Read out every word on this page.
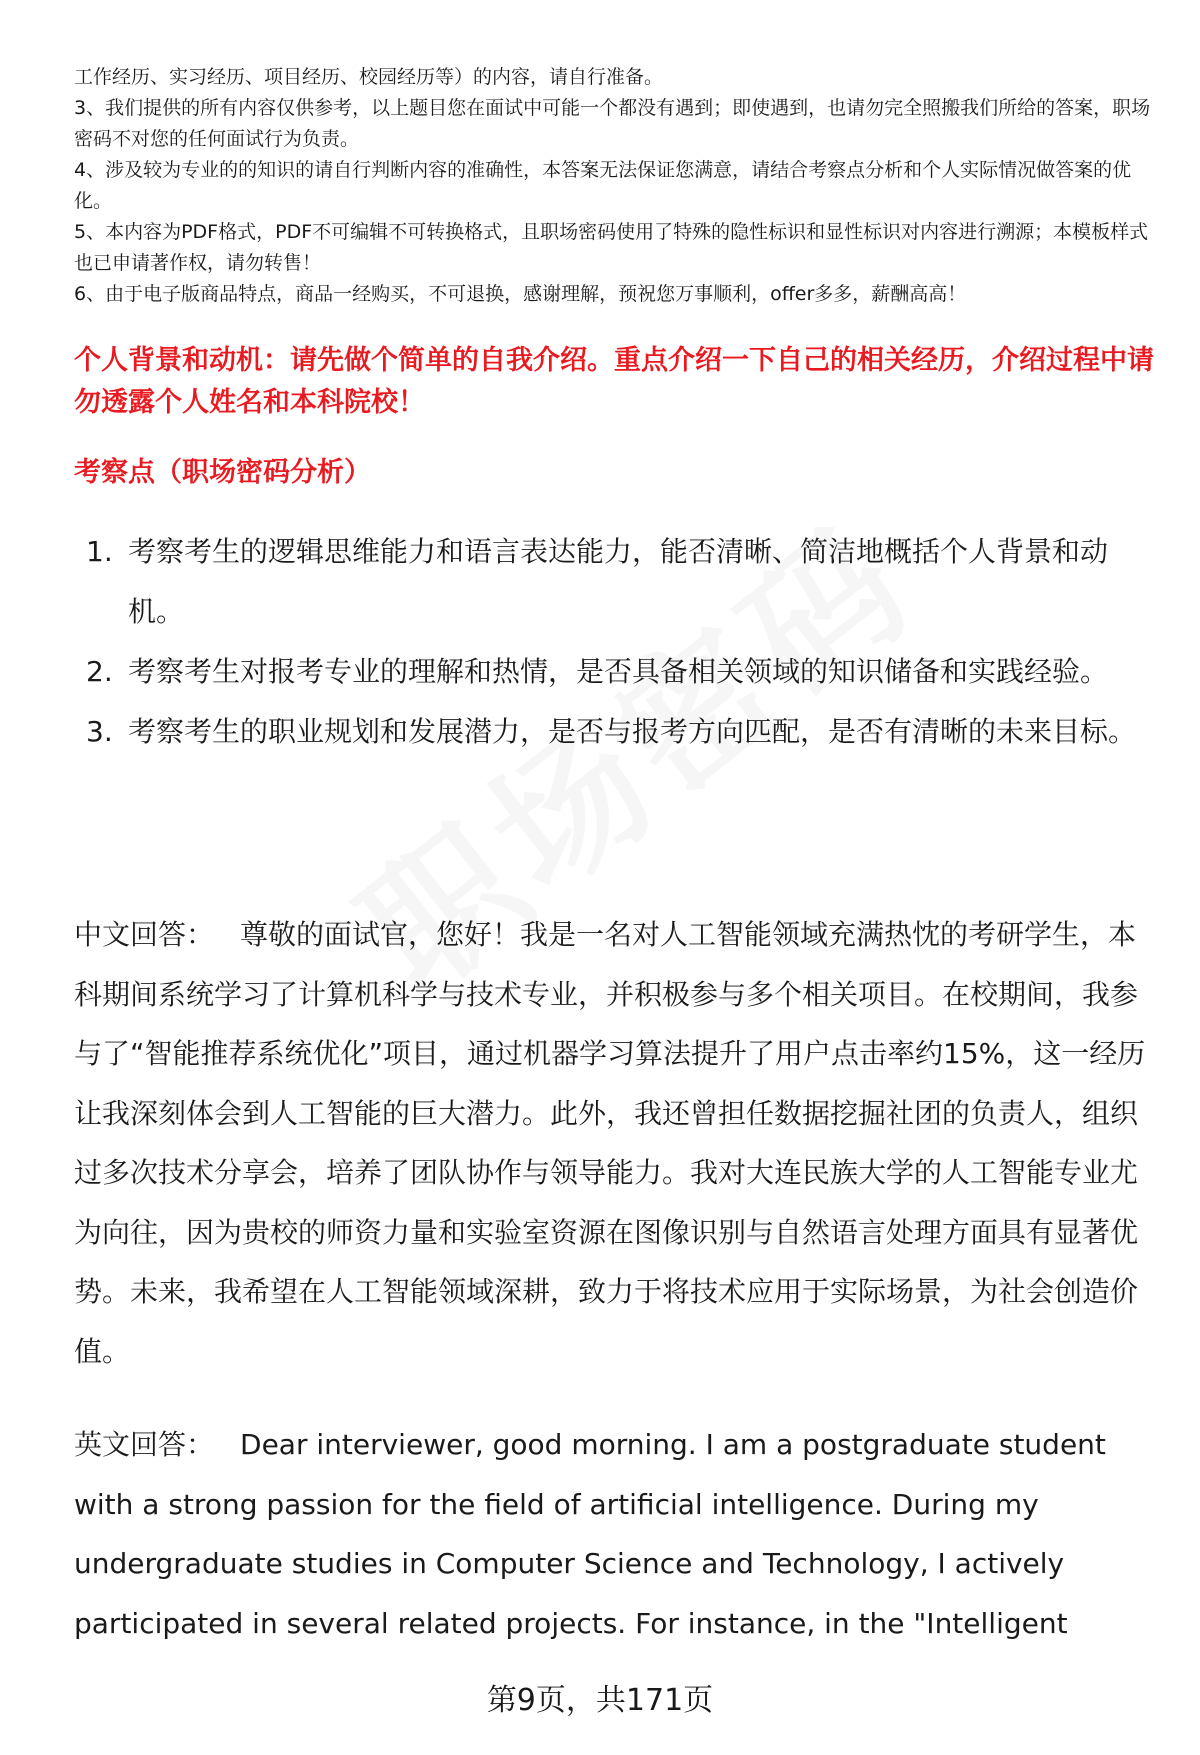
工作经历、实习经历、项目经历、校园经历等）的内容，请自行准备。

3、我们提供的所有内容仅供参考，以上题目您在面试中可能一个都没有遇到；即使遇到，也请勿完全照搬我们所给的答案，职场密码不对您的任何面试行为负责。

4、涉及较为专业的的知识的请自行判断内容的准确性，本答案无法保证您满意，请结合考察点分析和个人实际情况做答案的优化。

5、本内容为PDF格式，PDF不可编辑不可转换格式，且职场密码使用了特殊的隐性标识和显性标识对内容进行溯源；本模板样式也已申请著作权，请勿转售！

6、由于电子版商品特点，商品一经购买，不可退换，感谢理解，预祝您万事顺利，offer多多，薪酬高高！

个人背景和动机：请先做个简单的自我介绍。重点介绍一下自己的相关经历，介绍过程中请勿透露个人姓名和本科院校！
考察点（职场密码分析）
1. 考察考生的逻辑思维能力和语言表达能力，能否清晰、简洁地概括个人背景和动机。
2. 考察考生对报考专业的理解和热情，是否具备相关领域的知识储备和实践经验。
3. 考察考生的职业规划和发展潜力，是否与报考方向匹配，是否有清晰的未来目标。

中文回答： 尊敬的面试官，您好！我是一名对人工智能领域充满热忱的考研学生，本科期间系统学习了计算机科学与技术专业，并积极参与多个相关项目。在校期间，我参与了“智能推荐系统优化”项目，通过机器学习算法提升了用户点击率约15%，这一经历让我深刻体会到人工智能的巨大潜力。此外，我还曾担任数据挖掘社团的负责人，组织过多次技术分享会，培养了团队协作与领导能力。我对大连民族大学的人工智能专业尤为向往，因为贵校的师资力量和实验室资源在图像识别与自然语言处理方面具有显著优势。未来，我希望在人工智能领域深耕，致力于将技术应用于实际场景，为社会创造价值。

英文回答： Dear interviewer, good morning. I am a postgraduate student with a strong passion for the field of artificial intelligence. During my undergraduate studies in Computer Science and Technology, I actively participated in several related projects. For instance, in the "Intelligent

第9页，共171页
